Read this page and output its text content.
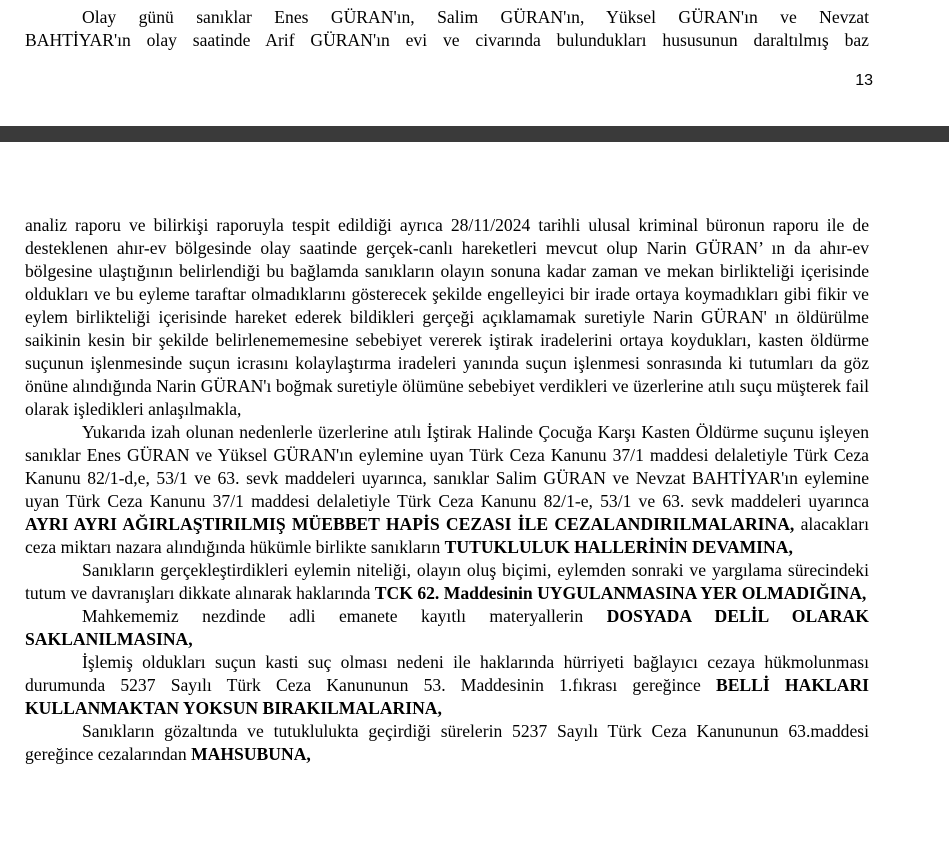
Olay günü sanıklar Enes GÜRAN'ın, Salim GÜRAN'ın, Yüksel GÜRAN'ın ve Nevzat
BAHTİYAR'ın olay saatinde Arif GÜRAN'ın evi ve civarında bulundukları hususunun daraltılmış baz
13
analiz raporu ve bilirkişi raporuyla tespit edildiği ayrıca 28/11/2024 tarihli ulusal kriminal büronun raporu ile de desteklenen ahır-ev bölgesinde olay saatinde gerçek-canlı hareketleri mevcut olup Narin GÜRAN’ ın da ahır-ev bölgesine ulaştığının belirlendiği bu bağlamda sanıkların olayın sonuna kadar zaman ve mekan birlikteliği içerisinde oldukları ve bu eyleme taraftar olmadıklarını gösterecek şekilde engelleyici bir irade ortaya koymadıkları gibi fikir ve eylem birlikteliği içerisinde hareket ederek bildikleri gerçeği açıklamamak suretiyle Narin GÜRAN' ın öldürülme saikinin kesin bir şekilde belirlenememesine sebebiyet vererek iştirak iradelerini ortaya koydukları, kasten öldürme suçunun işlenmesinde suçun icrasını kolaylaştırma iradeleri yanında suçun işlenmesi sonrasında ki tutumları da göz önüne alındığında Narin GÜRAN'ı boğmak suretiyle ölümüne sebebiyet verdikleri ve üzerlerine atılı suçu müşterek fail olarak işledikleri anlaşılmakla,
Yukarıda izah olunan nedenlerle üzerlerine atılı İştirak Halinde Çocuğa Karşı Kasten Öldürme suçunu işleyen sanıklar Enes GÜRAN ve Yüksel GÜRAN'ın eylemine uyan Türk Ceza Kanunu 37/1 maddesi delaletiyle Türk Ceza Kanunu 82/1-d,e, 53/1 ve 63. sevk maddeleri uyarınca, sanıklar Salim GÜRAN ve Nevzat BAHTİYAR'ın eylemine uyan Türk Ceza Kanunu 37/1 maddesi delaletiyle Türk Ceza Kanunu 82/1-e, 53/1 ve 63. sevk maddeleri uyarınca AYRI AYRI AĞIRLAŞTIRILMIŞ MÜEBBET HAPİS CEZASI İLE CEZALANDIRILMALARINA, alacakları ceza miktarı nazara alındığında hükümle birlikte sanıkların TUTUKLULUK HALLERİNİN DEVAMINA,
Sanıkların gerçekleştirdikleri eylemin niteliği, olayın oluş biçimi, eylemden sonraki ve yargılama sürecindeki tutum ve davranışları dikkate alınarak haklarında TCK 62. Maddesinin UYGULANMASINA YER OLMADIĞINA,
Mahkememiz nezdinde adli emanete kayıtlı materyallerin DOSYADA DELİL OLARAK SAKLANILMASINA,
İşlemiş oldukları suçun kasti suç olması nedeni ile haklarında hürriyeti bağlayıcı cezaya hükmolunması durumunda 5237 Sayılı Türk Ceza Kanununun 53. Maddesinin 1.fıkrası gereğince BELLİ HAKLARI KULLANMAKTAN YOKSUN BIRAKILMALARINA,
Sanıkların gözaltında ve tutuklulukta geçirdiği sürelerin 5237 Sayılı Türk Ceza Kanununun 63.maddesi gereğince cezalarından MAHSUBUNA,
